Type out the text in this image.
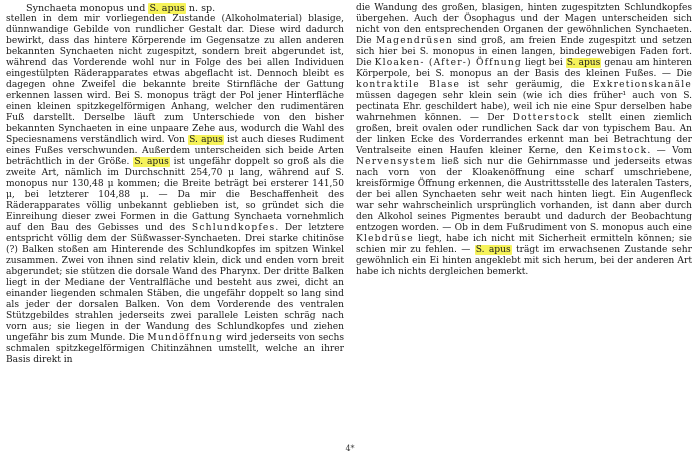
Synchaeta monopus und S. apus n. sp.

stellen in dem mir vorliegenden Zustande (Alkoholmaterial) blasige, dünnwandige Gebilde von rundlicher Gestalt dar. Diese wird dadurch bewirkt, dass das hintere Körperende im Gegensatze zu allen anderen bekannten Synchaeten nicht zugespitzt, sondern breit abgerundet ist, während das Vorderende wohl nur in Folge des bei allen Individuen eingestülpten Räderapparates etwas abgeflacht ist. Dennoch bleibt es dagegen ohne Zweifel die bekannte breite Stirnfläche der Gattung erkennen lassen wird. Bei S. monopus trägt der Pol jener Hinterfläche einen kleinen spitzkegelförmigen Anhang, welcher den rudimentären Fuß darstellt. Derselbe läuft zum Unterschiede von den bisher bekannten Synchaeten in eine unpaare Zehe aus, wodurch die Wahl des Speciesnamens verständlich wird. Von S. apus ist auch dieses Rudiment eines Fußes verschwunden. Außerdem unterscheiden sich beide Arten beträchtlich in der Größe. S. apus ist ungefähr doppelt so groß als die zweite Art, nämlich im Durchschnitt 254,70 μ lang, während auf S. monopus nur 130,48 μ kommen; die Breite beträgt bei ersterer 141,50 μ, bei letzterer 104,88 μ. — Da mir die Beschaffenheit des Räderapparates völlig unbekannt geblieben ist, so gründet sich die Einreihung dieser zwei Formen in die Gattung Synchaeta vornehmlich auf den Bau des Gebisses und des Schlundkopfes. Der letztere entspricht völlig dem der Süßwasser-Synchaeten. Drei starke chitinöse (?) Balken stoßen am Hinterende des Schlundkopfes im spitzen Winkel zusammen. Zwei von ihnen sind relativ klein, dick und enden vorn breit abgerundet; sie stützen die dorsale Wand des Pharynx. Der dritte Balken liegt in der Mediane der Ventralfläche und besteht aus zwei, dicht an einander liegenden schmalen Stäben, die ungefähr doppelt so lang sind als jeder der dorsalen Balken. Von dem Vorderende des ventralen Stützgebildes strahlen jederseits zwei parallele Leisten schräg nach vorn aus; sie liegen in der Wandung des Schlundkopfes und ziehen ungefähr bis zum Munde. Die Mundöffnung wird jederseits von sechs schmalen spitzkegelförmigen Chitinzähnen umstellt, welche an ihrer Basis direkt in

die Wandung des großen, blasigen, hinten zugespitzten Schlundkopfes übergehen. Auch der Ösophagus und der Magen unterscheiden sich nicht von den entsprechenden Organen der gewöhnlichen Synchaeten. Die Magendrüsen sind groß, am freien Ende zugespitzt und setzen sich hier bei S. monopus in einen langen, bindegewebigen Faden fort. Die Kloaken- (After-) Öffnung liegt bei S. apus genau am hinteren Körperpole, bei S. monopus an der Basis des kleinen Fußes. — Die kontraktile Blase ist sehr geräumig, die Exkretionskanäle müssen dagegen sehr klein sein (wie ich dies früher¹ auch von S. pectinata Ehr. geschildert habe), weil ich nie eine Spur derselben habe wahrnehmen können. — Der Dotterstock stellt einen ziemlich großen, breit ovalen oder rundlichen Sack dar von typischem Bau. An der linken Ecke des Vorderrandes erkennt man bei Betrachtung der Ventralseite einen Haufen kleiner Kerne, den Keimstock. — Vom Nervensystem ließ sich nur die Gehirnmasse und jederseits etwas nach vorn von der Kloakenöffnung eine scharf umschriebene, kreisförmige Öffnung erkennen, die Austrittsstelle des lateralen Tasters, der bei allen Synchaeten sehr weit nach hinten liegt. Ein Augenfleck war sehr wahrscheinlich ursprünglich vorhanden, ist dann aber durch den Alkohol seines Pigmentes beraubt und dadurch der Beobachtung entzogen worden. — Ob in dem Fußrudiment von S. monopus auch eine Klebdrüse liegt, habe ich nicht mit Sicherheit ermitteln können; sie schien mir zu fehlen. — S. apus trägt im erwachsenen Zustande sehr gewöhnlich ein Ei hinten angeklebt mit sich herum, bei der anderen Art habe ich nichts dergleichen bemerkt.

4*
